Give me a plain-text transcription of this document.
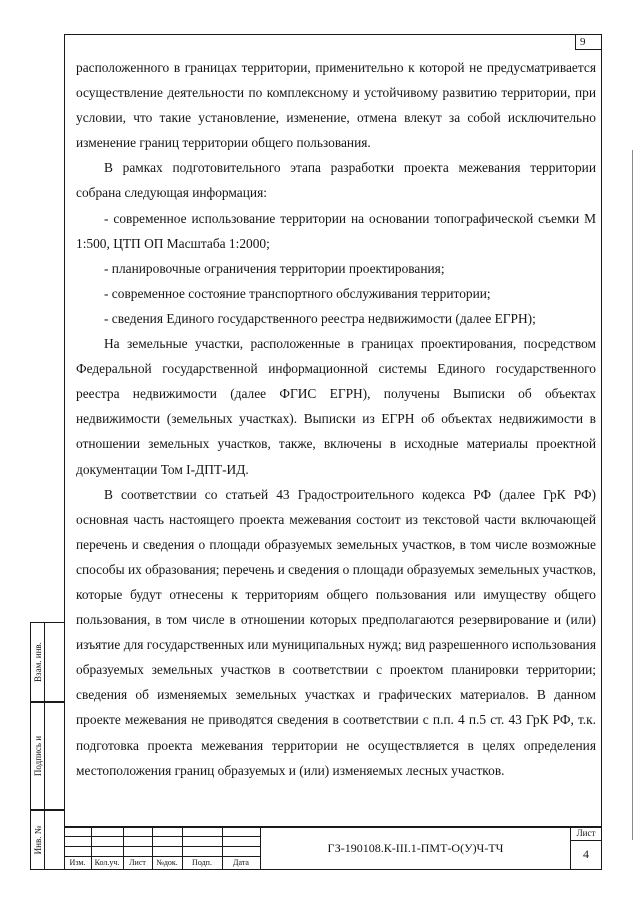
9

расположенного в границах территории, применительно к которой не предусматривается осуществление деятельности по комплексному и устойчивому развитию территории, при условии, что такие установление, изменение, отмена влекут за собой исключительно изменение границ территории общего пользования.

В рамках подготовительного этапа разработки проекта межевания территории собрана следующая информация:

- современное использование территории на основании топографической съемки М 1:500, ЦТП ОП Масштаба 1:2000;

- планировочные ограничения территории проектирования;

- современное состояние транспортного обслуживания территории;

- сведения Единого государственного реестра недвижимости (далее ЕГРН);

На земельные участки, расположенные в границах проектирования, посредством Федеральной государственной информационной системы Единого государственного реестра недвижимости (далее ФГИС ЕГРН), получены Выписки об объектах недвижимости (земельных участках). Выписки из ЕГРН об объектах недвижимости в отношении земельных участков, также, включены в исходные материалы проектной документации Том I-ДПТ-ИД.

В соответствии со статьей 43 Градостроительного кодекса РФ (далее ГрК РФ) основная часть настоящего проекта межевания состоит из текстовой части включающей перечень и сведения о площади образуемых земельных участков, в том числе возможные способы их образования; перечень и сведения о площади образуемых земельных участков, которые будут отнесены к территориям общего пользования или имуществу общего пользования, в том числе в отношении которых предполагаются резервирование и (или) изъятие для государственных или муниципальных нужд; вид разрешенного использования образуемых земельных участков в соответствии с проектом планировки территории; сведения об изменяемых земельных участках и графических материалов. В данном проекте межевания не приводятся сведения в соответствии с п.п. 4 п.5 ст. 43 ГрК РФ, т.к. подготовка проекта межевания территории не осуществляется в целях определения местоположения границ образуемых и (или) изменяемых лесных участков.

Взам. инв.
Подпись и
Инв. №
Изм.	Кол.уч.	Лист	№док.	Подп.	Дата
ГЗ-190108.К-III.1-ПМТ-О(У)Ч-ТЧ
Лист
4
